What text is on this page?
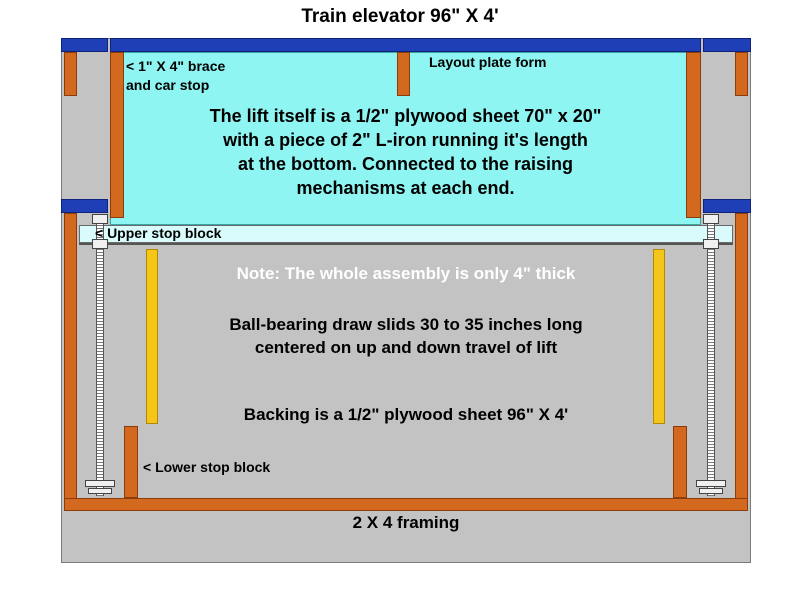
Train elevator 96" X 4'
< 1" X 4" brace
and car stop
Layout plate form
The lift itself is a 1/2" plywood sheet 70" x 20"
with a piece of 2" L-iron running it's length
at the bottom. Connected to the raising
mechanisms at each end.
< Upper stop block
Note: The whole assembly is only 4" thick
Ball-bearing draw slids 30 to 35 inches long
centered on up and down travel of lift
Backing is a 1/2" plywood sheet 96" X 4'
< Lower stop block
2 X 4 framing
